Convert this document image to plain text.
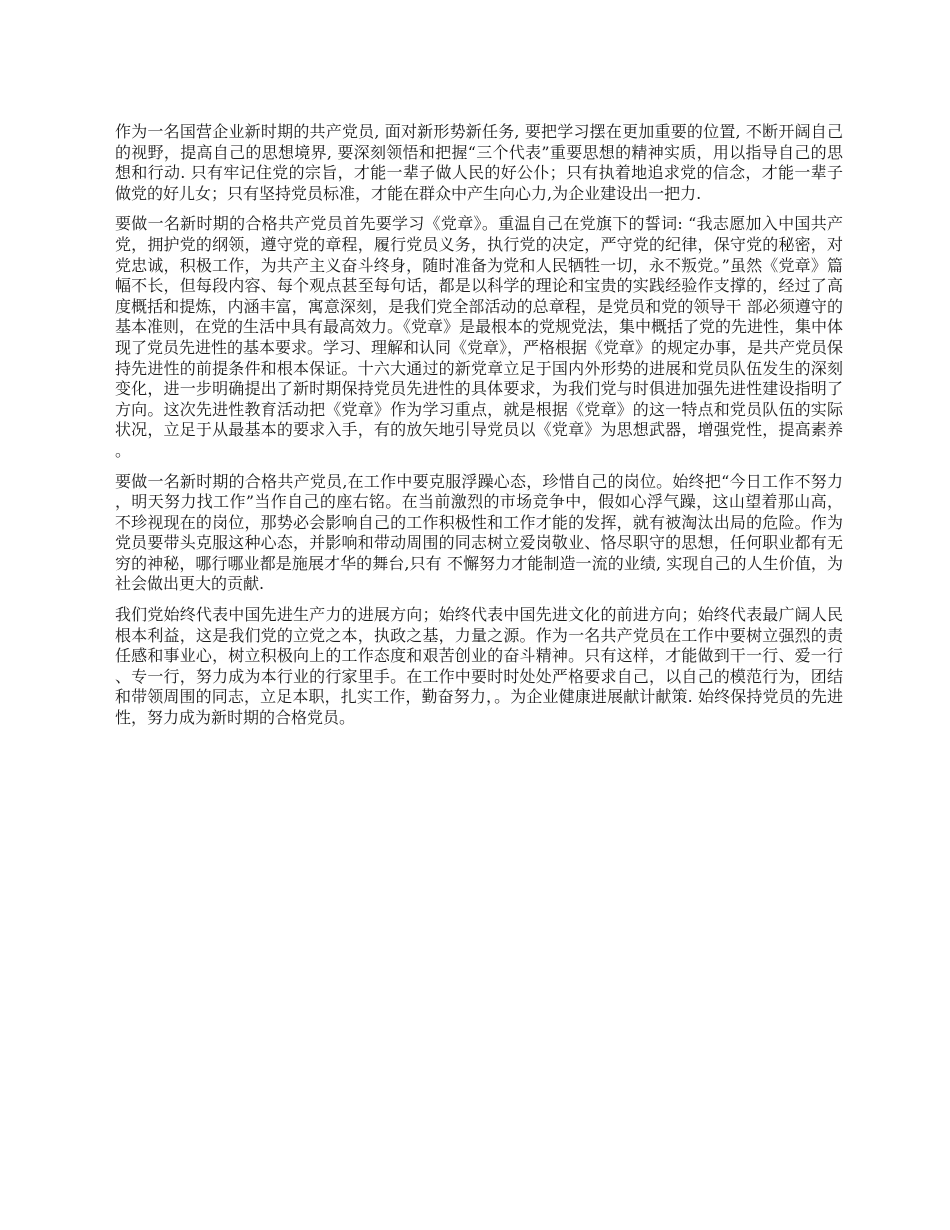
作为一名国营企业新时期的共产党员, 面对新形势新任务, 要把学习摆在更加重要的位置, 不断开阔自己的视野，提高自己的思想境界, 要深刻领悟和把握“三个代表”重要思想的精神实质，用以指导自己的思想和行动. 只有牢记住党的宗旨，才能一辈子做人民的好公仆；只有执着地追求党的信念，才能一辈子做党的好儿女；只有坚持党员标准，才能在群众中产生向心力,为企业建设出一把力.

要做一名新时期的合格共产党员首先要学习《党章》。重温自己在党旗下的誓词: “我志愿加入中国共产党，拥护党的纲领，遵守党的章程，履行党员义务，执行党的决定，严守党的纪律，保守党的秘密，对党忠诚，积极工作，为共产主义奋斗终身，随时准备为党和人民牺牲一切，永不叛党。”虽然《党章》篇幅不长，但每段内容、每个观点甚至每句话，都是以科学的理论和宝贵的实践经验作支撑的，经过了高度概括和提炼，内涵丰富，寓意深刻，是我们党全部活动的总章程，是党员和党的领导干 部必须遵守的基本准则，在党的生活中具有最高效力。《党章》是最根本的党规党法，集中概括了党的先进性，集中体现了党员先进性的基本要求。学习、理解和认同《党章》，严格根据《党章》的规定办事，是共产党员保持先进性的前提条件和根本保证。十六大通过的新党章立足于国内外形势的进展和党员队伍发生的深刻变化，进一步明确提出了新时期保持党员先进性的具体要求，为我们党与时俱进加强先进性建设指明了方向。这次先进性教育活动把《党章》作为学习重点，就是根据《党章》的这一特点和党员队伍的实际状况，立足于从最基本的要求入手，有的放矢地引导党员以《党章》为思想武器，增强党性，提高素养。

要做一名新时期的合格共产党员,在工作中要克服浮躁心态，珍惜自己的岗位。始终把“今日工作不努力，明天努力找工作”当作自己的座右铭。在当前激烈的市场竞争中，假如心浮气躁，这山望着那山高，不珍视现在的岗位，那势必会影响自己的工作积极性和工作才能的发挥，就有被淘汰出局的危险。作为党员要带头克服这种心态，并影响和带动周围的同志树立爱岗敬业、恪尽职守的思想，任何职业都有无穷的神秘，哪行哪业都是施展才华的舞台,只有 不懈努力才能制造一流的业绩, 实现自己的人生价值，为社会做出更大的贡献.

我们党始终代表中国先进生产力的进展方向；始终代表中国先进文化的前进方向；始终代表最广阔人民根本利益，这是我们党的立党之本，执政之基，力量之源。作为一名共产党员在工作中要树立强烈的责任感和事业心，树立积极向上的工作态度和艰苦创业的奋斗精神。只有这样，才能做到干一行、爱一行、专一行，努力成为本行业的行家里手。在工作中要时时处处严格要求自己，以自己的模范行为，团结和带领周围的同志，立足本职，扎实工作，勤奋努力，。为企业健康进展献计献策. 始终保持党员的先进性，努力成为新时期的合格党员。
